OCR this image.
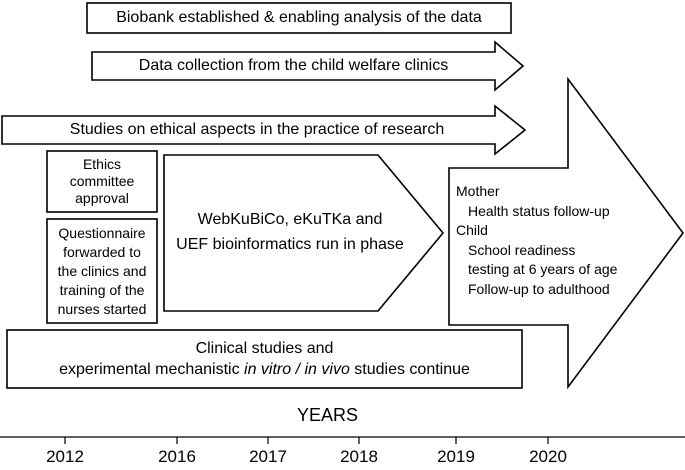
Biobank established & enabling analysis of the data
Data collection from the child welfare clinics
Studies on ethical aspects in the practice of research
Ethics
committee
approval
Questionnaire
forwarded to
the clinics and
training of the
nurses started
WebKuBiCo, eKuTKa and
UEF bioinformatics run in phase
Mother
Health status follow-up
Child
School readiness
testing at 6 years of age
Follow-up to adulthood
Clinical studies and
experimental mechanistic in vitro / in vivo studies continue
YEARS
2012	2016	2017	2018	2019	2020
